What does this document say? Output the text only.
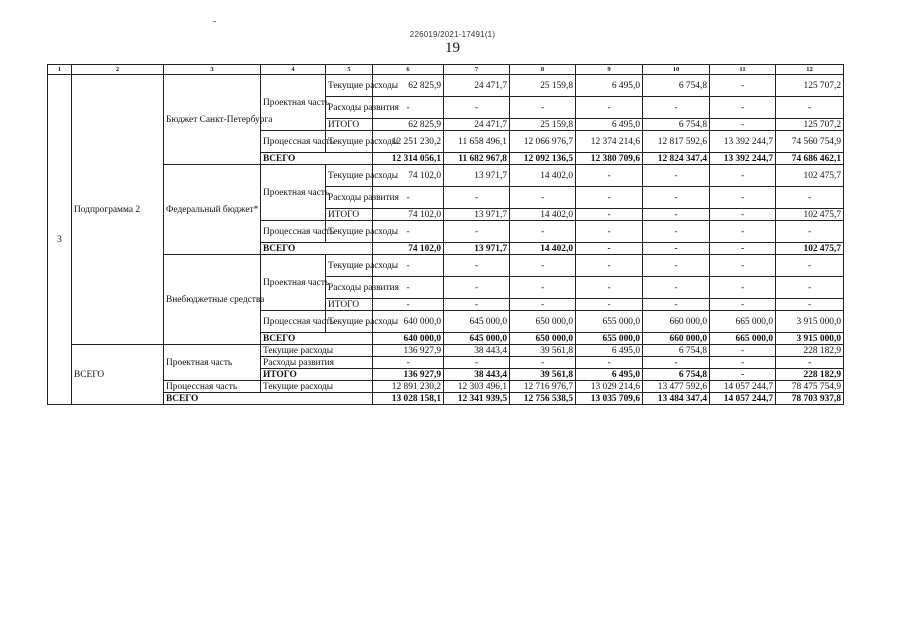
226019/2021-17491(1)
19
1	2	3	4	5	6	7	8	9	10	11	12
3	Подпрограмма 2	Бюджет Санкт-Петербурга	Проектная часть	Текущие расходы	62 825,9	24 471,7	25 159,8	6 495,0	6 754,8	-	125 707,2
				Расходы развития	-	-	-	-	-	-	-
				ИТОГО	62 825,9	24 471,7	25 159,8	6 495,0	6 754,8	-	125 707,2
			Процессная часть	Текущие расходы	12 251 230,2	11 658 496,1	12 066 976,7	12 374 214,6	12 817 592,6	13 392 244,7	74 560 754,9
			ВСЕГО		12 314 056,1	11 682 967,8	12 092 136,5	12 380 709,6	12 824 347,4	13 392 244,7	74 686 462,1
		Федеральный бюджет*	Проектная часть	Текущие расходы	74 102,0	13 971,7	14 402,0	-	-	-	102 475,7
				Расходы развития	-	-	-	-	-	-	-
				ИТОГО	74 102,0	13 971,7	14 402,0	-	-	-	102 475,7
			Процессная часть	Текущие расходы	-	-	-	-	-	-	-
			ВСЕГО		74 102,0	13 971,7	14 402,0	-	-	-	102 475,7
		Внебюджетные средства	Проектная часть	Текущие расходы	-	-	-	-	-	-	-
				Расходы развития	-	-	-	-	-	-	-
				ИТОГО	-	-	-	-	-	-	-
			Процессная часть	Текущие расходы	640 000,0	645 000,0	650 000,0	655 000,0	660 000,0	665 000,0	3 915 000,0
			ВСЕГО		640 000,0	645 000,0	650 000,0	655 000,0	660 000,0	665 000,0	3 915 000,0
	ВСЕГО	Проектная часть	Текущие расходы		136 927,9	38 443,4	39 561,8	6 495,0	6 754,8	-	228 182,9
			Расходы развития		-	-	-	-	-	-	-
			ИТОГО		136 927,9	38 443,4	39 561,8	6 495,0	6 754,8	-	228 182,9
		Процессная часть	Текущие расходы		12 891 230,2	12 303 496,1	12 716 976,7	13 029 214,6	13 477 592,6	14 057 244,7	78 475 754,9
		ВСЕГО			13 028 158,1	12 341 939,5	12 756 538,5	13 035 709,6	13 484 347,4	14 057 244,7	78 703 937,8
